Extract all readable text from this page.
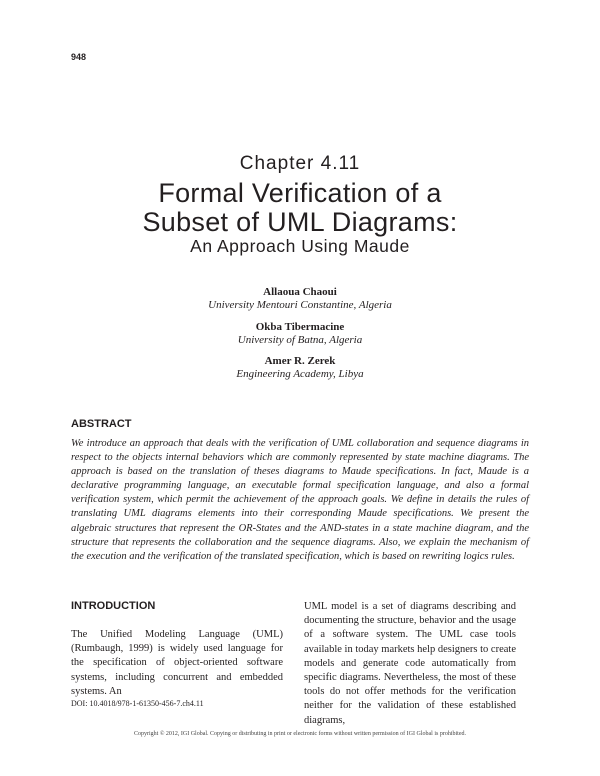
948
Chapter 4.11
Formal Verification of a
Subset of UML Diagrams:
An Approach Using Maude
Allaoua Chaoui
University Mentouri Constantine, Algeria
Okba Tibermacine
University of Batna, Algeria
Amer R. Zerek
Engineering Academy, Libya
ABSTRACT
We introduce an approach that deals with the verification of UML collaboration and sequence diagrams in respect to the objects internal behaviors which are commonly represented by state machine diagrams. The approach is based on the translation of theses diagrams to Maude specifications. In fact, Maude is a declarative programming language, an executable formal specification language, and also a formal verification system, which permit the achievement of the approach goals. We define in details the rules of translating UML diagrams elements into their corresponding Maude specifications. We present the algebraic structures that represent the OR-States and the AND-states in a state machine diagram, and the structure that represents the collaboration and the sequence diagrams. Also, we explain the mechanism of the execution and the verification of the translated specification, which is based on rewriting logics rules.
INTRODUCTION
The Unified Modeling Language (UML) (Rumbaugh, 1999) is widely used language for the specification of object-oriented software systems, including concurrent and embedded systems. An
DOI: 10.4018/978-1-61350-456-7.ch4.11
UML model is a set of diagrams describing and documenting the structure, behavior and the usage of a software system. The UML case tools available in today markets help designers to create models and generate code automatically from specific diagrams. Nevertheless, the most of these tools do not offer methods for the verification neither for the validation of these established diagrams,
Copyright © 2012, IGI Global. Copying or distributing in print or electronic forms without written permission of IGI Global is prohibited.
